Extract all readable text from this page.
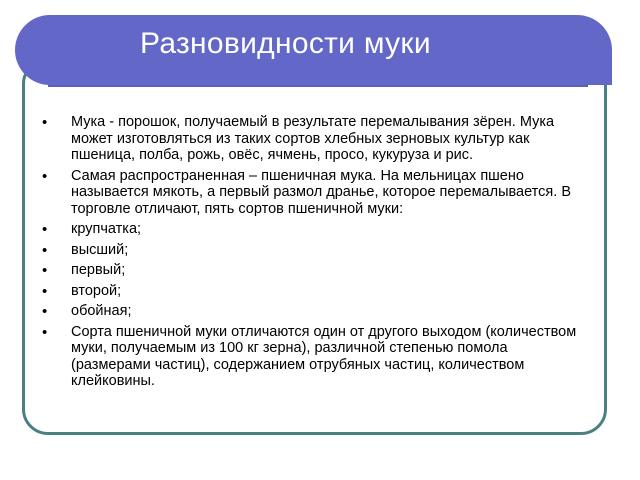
Разновидности муки
• Мука - порошок, получаемый в результате перемалывания зёрен. Мука может изготовляться из таких сортов хлебных зерновых культур как пшеница, полба, рожь, овёс, ячмень, просо, кукуруза и рис.
• Самая распространенная – пшеничная мука. На мельницах пшено называется мякоть, а первый размол дранье, которое перемалывается. В торговле отличают, пять сортов пшеничной муки:
• крупчатка;
• высший;
• первый;
• второй;
• обойная;
• Сорта пшеничной муки отличаются один от другого выходом (количеством муки, получаемым из 100 кг зерна), различной степенью помола (размерами частиц), содержанием отрубяных частиц, количеством клейковины.
